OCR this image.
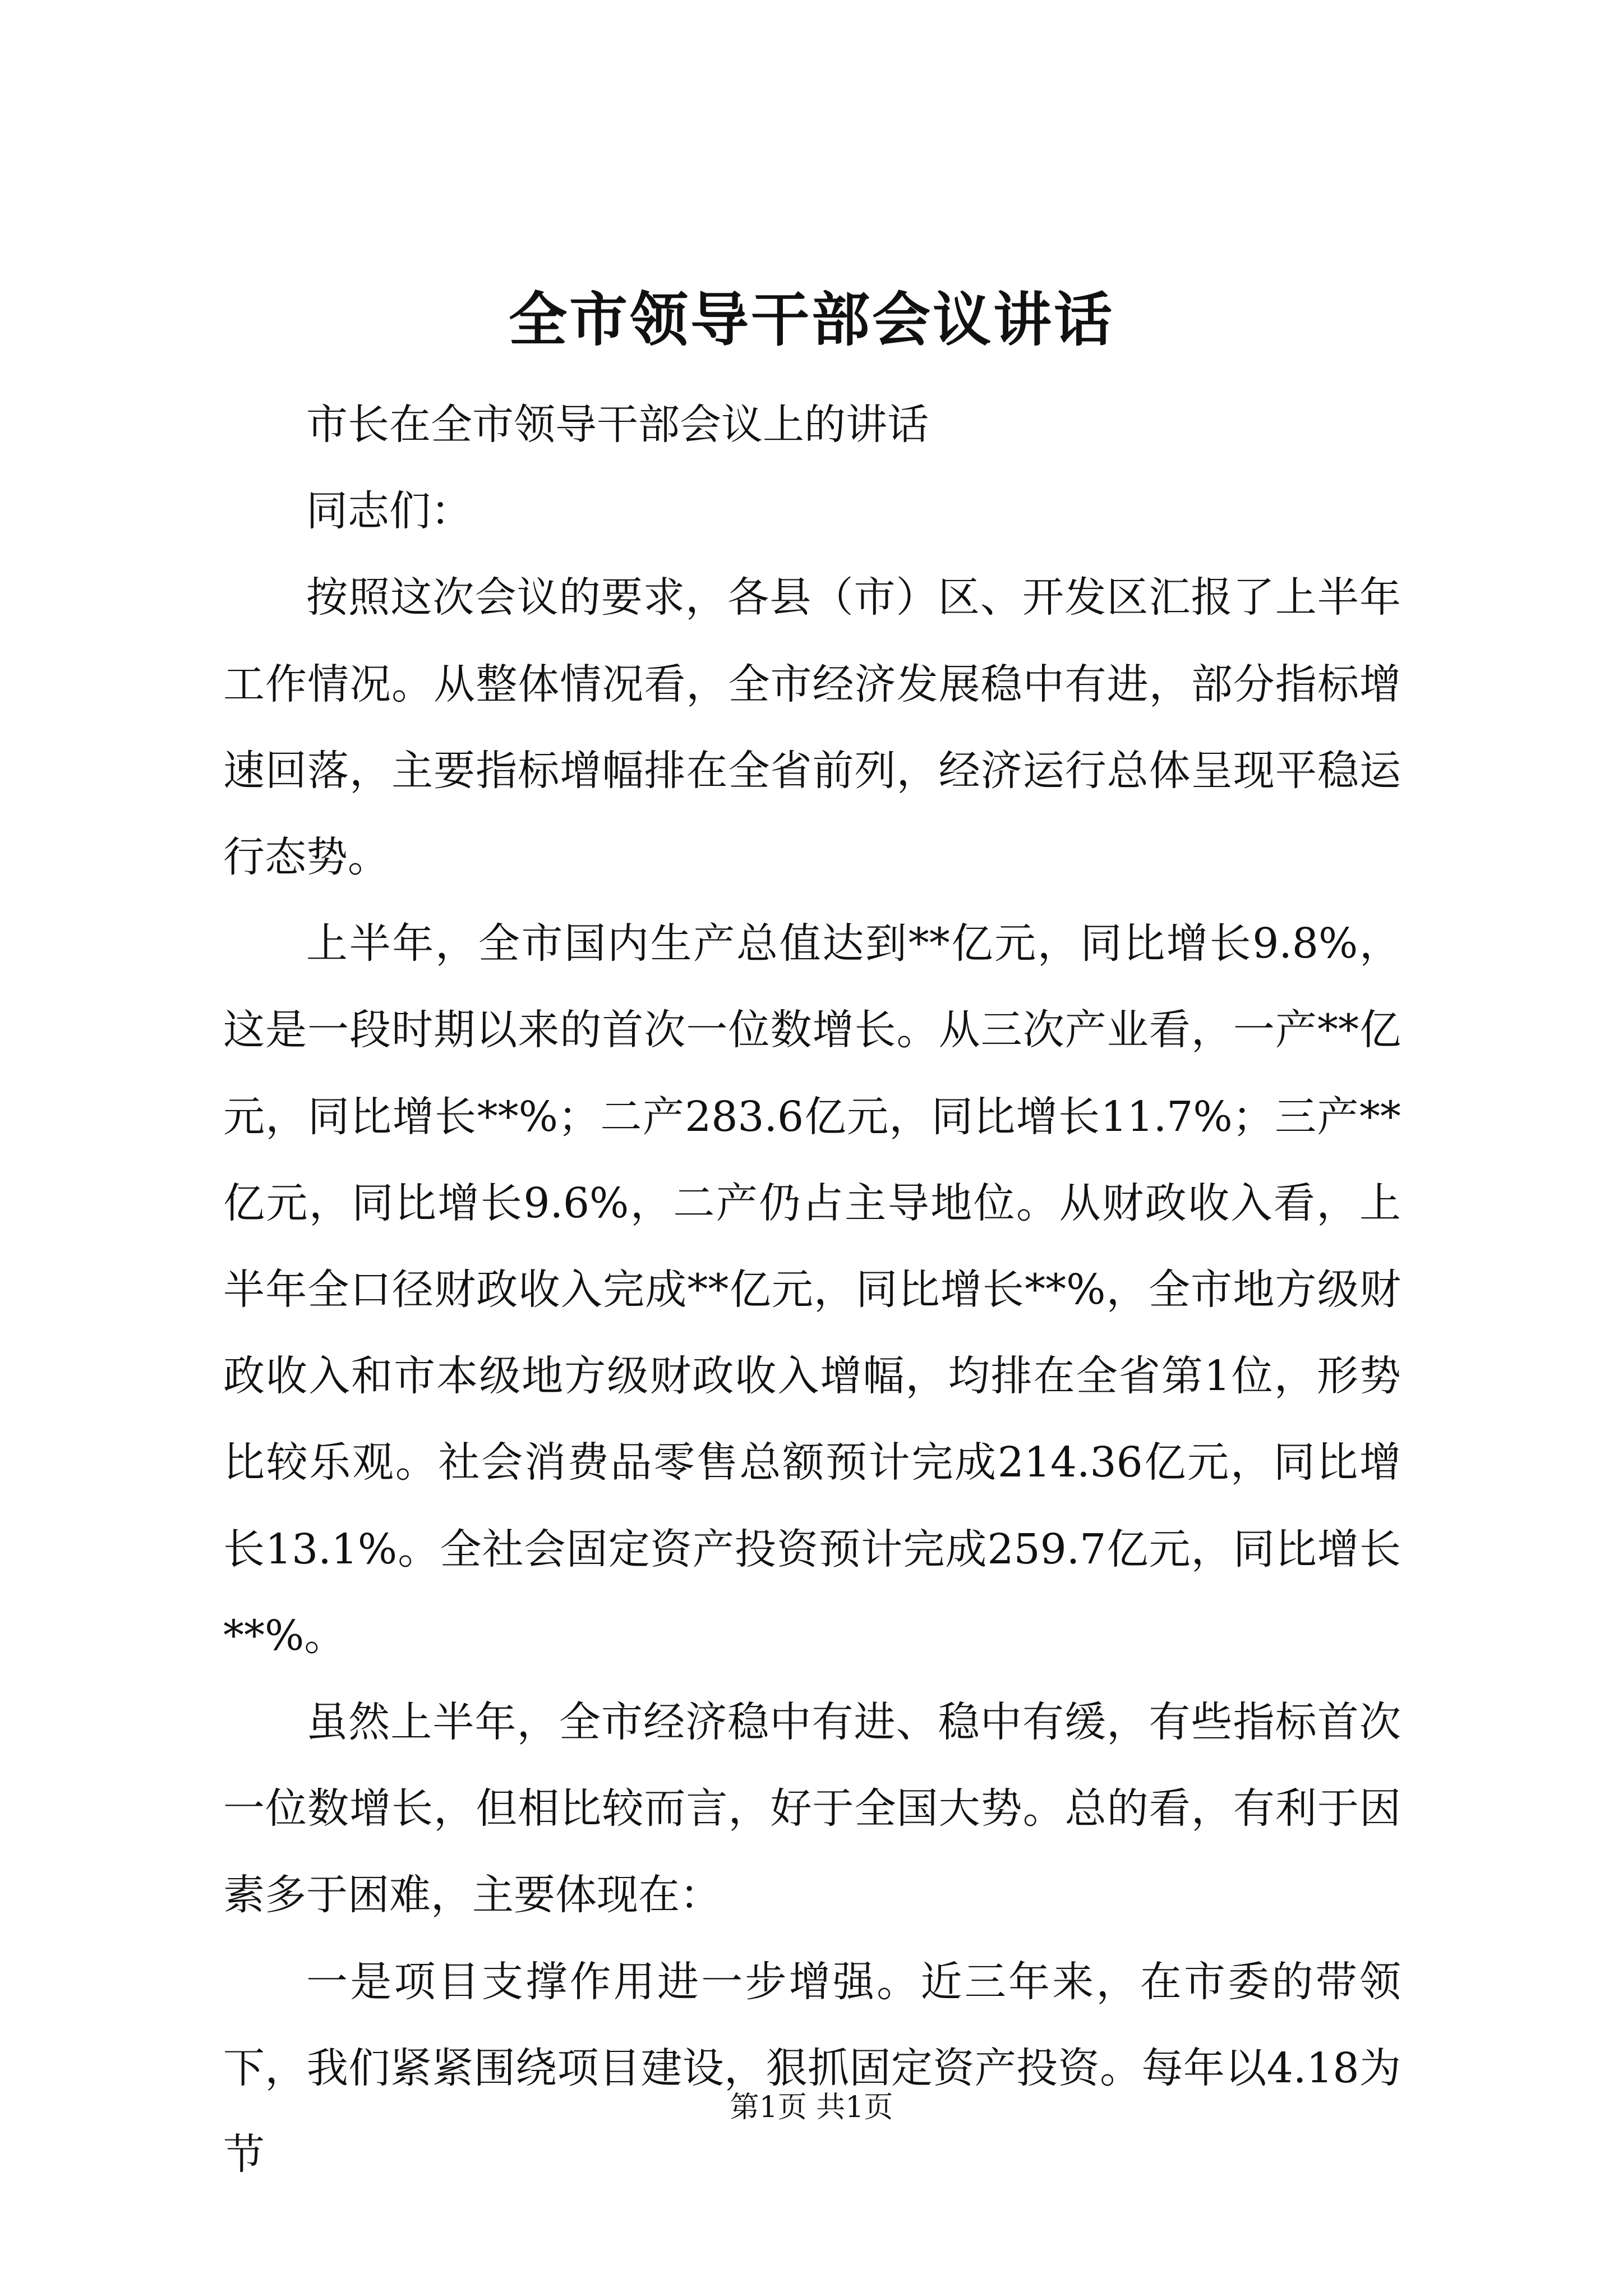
全市领导干部会议讲话

市长在全市领导干部会议上的讲话

同志们：

按照这次会议的要求，各县（市）区、开发区汇报了上半年工作情况。从整体情况看，全市经济发展稳中有进，部分指标增速回落，主要指标增幅排在全省前列，经济运行总体呈现平稳运行态势。

上半年，全市国内生产总值达到**亿元，同比增长9.8%，这是一段时期以来的首次一位数增长。从三次产业看，一产**亿元，同比增长**%；二产283.6亿元，同比增长11.7%；三产**亿元，同比增长9.6%，二产仍占主导地位。从财政收入看，上半年全口径财政收入完成**亿元，同比增长**%，全市地方级财政收入和市本级地方级财政收入增幅，均排在全省第1位，形势比较乐观。社会消费品零售总额预计完成214.36亿元，同比增长13.1%。全社会固定资产投资预计完成259.7亿元，同比增长**%。

虽然上半年，全市经济稳中有进、稳中有缓，有些指标首次一位数增长，但相比较而言，好于全国大势。总的看，有利于因素多于困难，主要体现在：

一是项目支撑作用进一步增强。近三年来，在市委的带领下，我们紧紧围绕项目建设，狠抓固定资产投资。每年以4.18为节

第1页 共1页
